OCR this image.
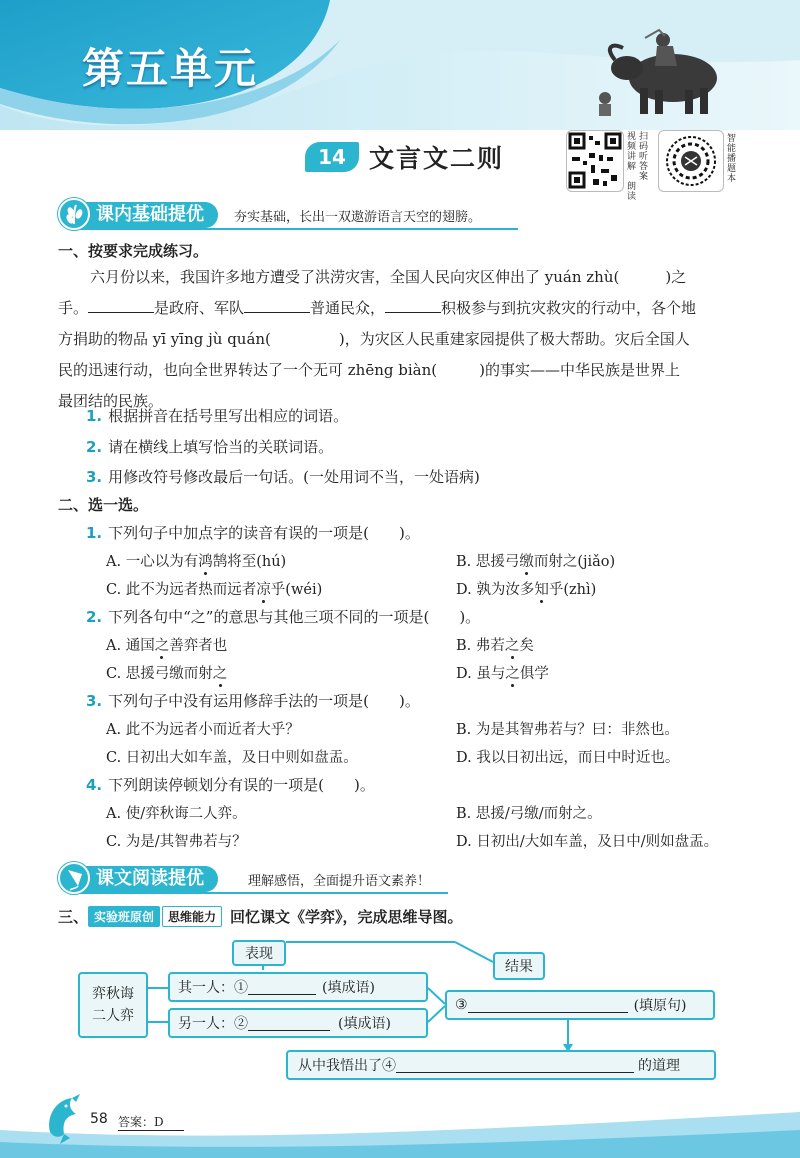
第五单元
14 文言文二则
视频讲解
扫码听答案
朗读
智能播题本
课内基础提优	夯实基础，长出一双遨游语言天空的翅膀。
一、按要求完成练习。
六月份以来，我国许多地方遭受了洪涝灾害，全国人民向灾区伸出了 yuán zhù(	)之
手。	是政府、军队	普通民众，	积极参与到抗灾救灾的行动中，各个地
方捐助的物品 yī yīng jù quán(	)，为灾区人民重建家园提供了极大帮助。灾后全国人
民的迅速行动，也向全世界转达了一个无可 zhēng biàn(	)的事实——中华民族是世界上
最团结的民族。
1. 根据拼音在括号里写出相应的词语。
2. 请在横线上填写恰当的关联词语。
3. 用修改符号修改最后一句话。(一处用词不当，一处语病)
二、选一选。
1. 下列句子中加点字的读音有误的一项是(　　)。
A. 一心以为有鸿鹄将至(hú)	B. 思援弓缴而射之(jiǎo)
C. 此不为远者热而远者凉乎(wéi)	D. 孰为汝多知乎(zhì)
2. 下列各句中“之”的意思与其他三项不同的一项是(　　)。
A. 通国之善弈者也	B. 弗若之矣
C. 思援弓缴而射之	D. 虽与之俱学
3. 下列句子中没有运用修辞手法的一项是(　　)。
A. 此不为远者小而近者大乎？	B. 为是其智弗若与？曰：非然也。
C. 日初出大如车盖，及日中则如盘盂。	D. 我以日初出远，而日中时近也。
4. 下列朗读停顿划分有误的一项是(　　)。
A. 使/弈秋诲二人弈。	B. 思援/弓缴/而射之。
C. 为是/其智弗若与？	D. 日初出/大如车盖，及日中/则如盘盂。
课文阅读提优	理解感悟，全面提升语文素养！
三、 实验班原创	思维能力 回忆课文《学弈》，完成思维导图。
表现
结果
弈秋诲
二人弈
其一人：①	(填成语)
另一人：②	(填成语)
③	(填原句)
从中我悟出了④	的道理
58 答案：D
